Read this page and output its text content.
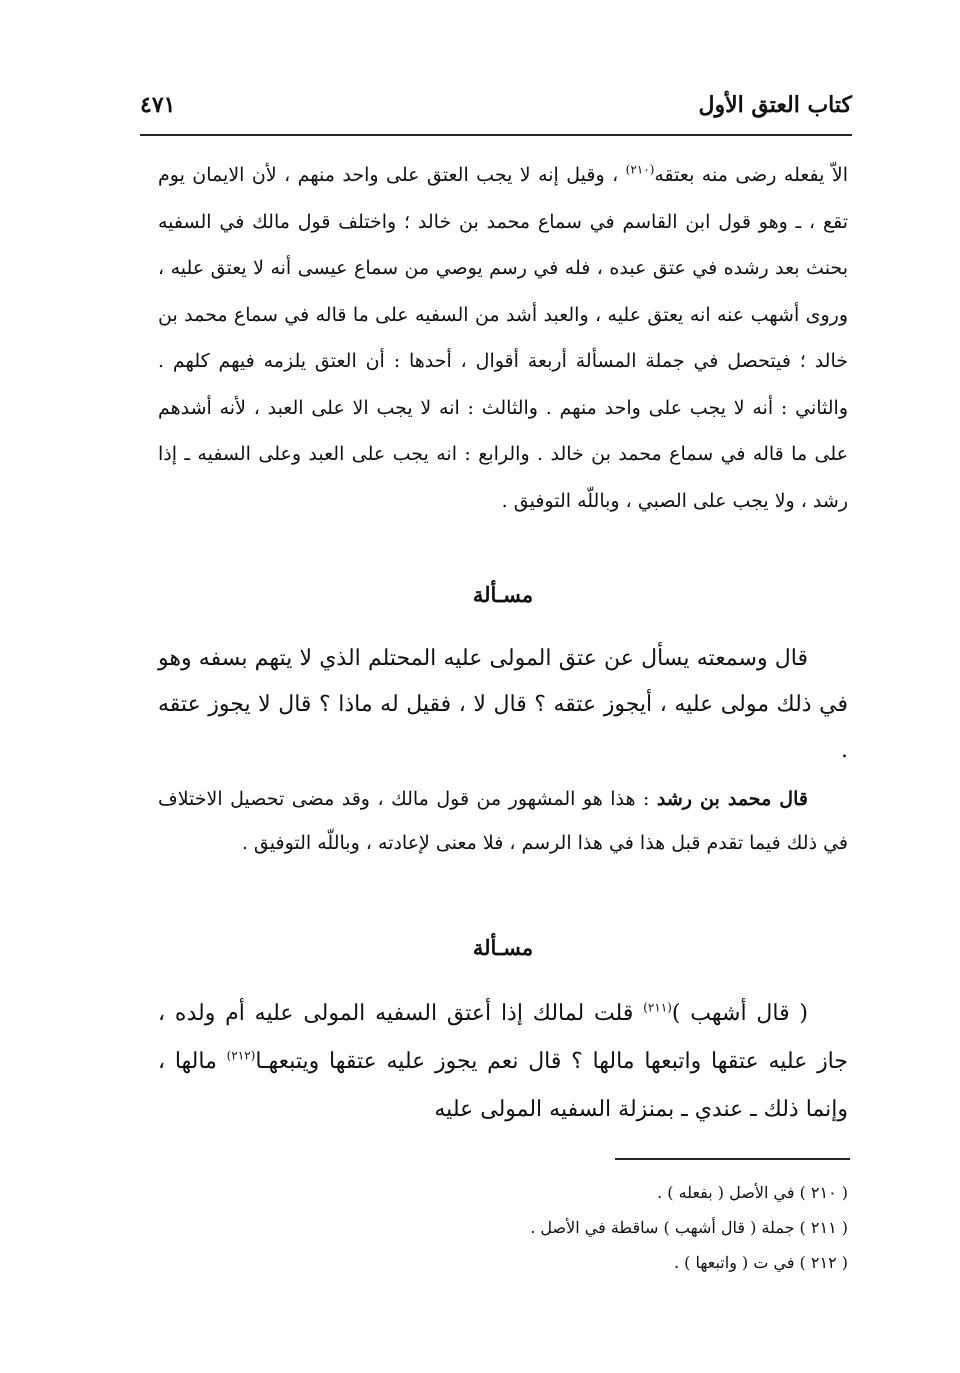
كتاب العتق الأول
٤٧١
الاّ يفعله رضى منه بعتقه$^{(٢١٠)}$ ، وقيل إنه لا يجب العتق على واحد منهم ، لأن الايمان يوم تقع ، ـ وهو قول ابن القاسم في سماع محمد بن خالد ؛ واختلف قول مالك في السفيه بحنث بعد رشده في عتق عبده ، فله في رسم يوصي من سماع عيسى أنه لا يعتق عليه ، وروى أشهب عنه انه يعتق عليه ، والعبد أشد من السفيه على ما قاله في سماع محمد بن خالد ؛ فيتحصل في جملة المسألة أربعة أقوال ، أحدها : أن العتق يلزمه فيهم كلهم . والثاني : أنه لا يجب على واحد منهم . والثالث : انه لا يجب الا على العبد ، لأنه أشدهم على ما قاله في سماع محمد بن خالد . والرابع : انه يجب على العبد وعلى السفيه ـ إذا رشد ، ولا يجب على الصبي ، وباللّه التوفيق .
مسـألة
قال وسمعته يسأل عن عتق المولى عليه المحتلم الذي لا يتهم بسفه وهو في ذلك مولى عليه ، أيجوز عتقه ؟ قال لا ، فقيل له ماذا ؟ قال لا يجوز عتقه .
قال محمد بن رشد : هذا هو المشهور من قول مالك ، وقد مضى تحصيل الاختلاف في ذلك فيما تقدم قبل هذا في هذا الرسم ، فلا معنى لإعادته ، وباللّه التوفيق .
مسـألة
( قال أشهب )$^{(٢١١)}$ قلت لمالك إذا أعتق السفيه المولى عليه أم ولده ، جاز عليه عتقها واتبعها مالها ؟ قال نعم يجوز عليه عتقها ويتبعهـا$^{(٢١٢)}$ مالها ، وإنما ذلك ـ عندي ـ بمنزلة السفيه المولى عليه
( ٢١٠ ) في الأصل ( بفعله ) .
( ٢١١ ) جملة ( قال أشهب ) ساقطة في الأصل .
( ٢١٢ ) في ت ( واتبعها ) .
